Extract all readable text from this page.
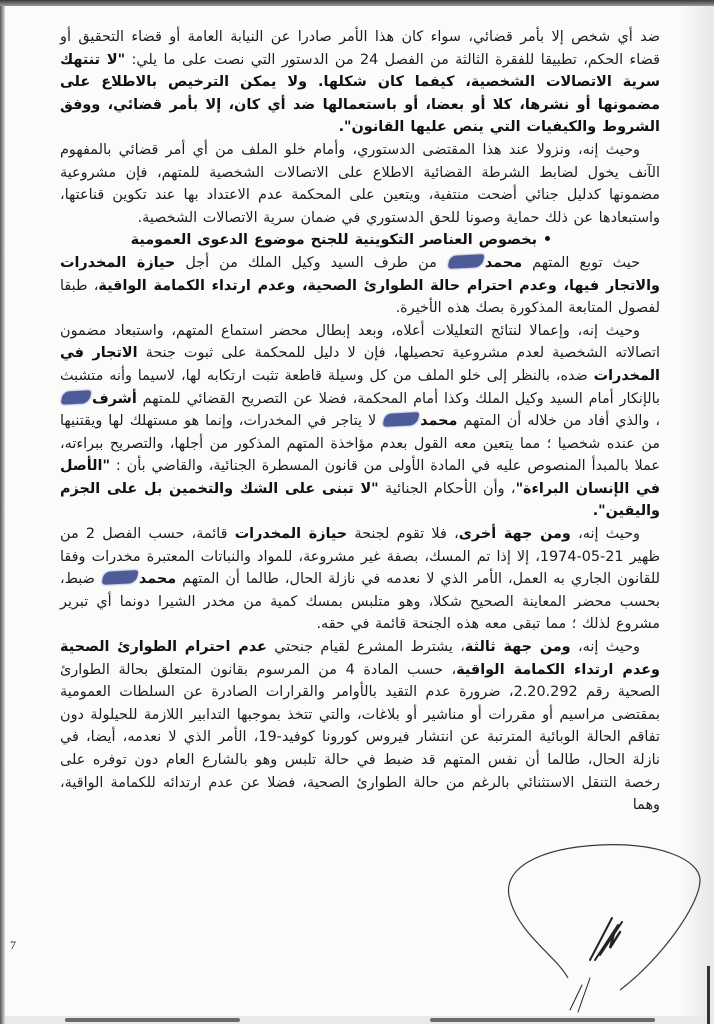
ضد أي شخص إلا بأمر قضائي، سواء كان هذا الأمر صادرا عن النيابة العامة أو قضاء التحقيق أو قضاء الحكم، تطبيقا للفقرة الثالثة من الفصل 24 من الدستور التي نصت على ما يلي: "لا تنتهك سرية الاتصالات الشخصية، كيفما كان شكلها. ولا يمكن الترخيص بالاطلاع على مضمونها أو نشرها، كلا أو بعضا، أو باستعمالها ضد أي كان، إلا بأمر قضائي، ووفق الشروط والكيفيات التي ينص عليها القانون".

وحيث إنه، ونزولا عند هذا المقتضى الدستوري، وأمام خلو الملف من أي أمر قضائي بالمفهوم الآنف يخول لضابط الشرطة القضائية الاطلاع على الاتصالات الشخصية للمتهم، فإن مشروعية مضمونها كدليل جنائي أضحت منتفية، ويتعين على المحكمة عدم الاعتداد بها عند تكوين قناعتها، واستبعادها عن ذلك حماية وصونا للحق الدستوري في ضمان سرية الاتصالات الشخصية.

بخصوص العناصر التكوينية للجنح موضوع الدعوى العمومية

حيث توبع المتهم محمد من طرف السيد وكيل الملك من أجل حيازة المخدرات والاتجار فيها، وعدم احترام حالة الطوارئ الصحية، وعدم ارتداء الكمامة الواقية، طبقا لفصول المتابعة المذكورة بصك هذه الأخيرة.

وحيث إنه، وإعمالا لنتائج التعليلات أعلاه، وبعد إبطال محضر استماع المتهم، واستبعاد مضمون اتصالاته الشخصية لعدم مشروعية تحصيلها، فإن لا دليل للمحكمة على ثبوت جنحة الاتجار في المخدرات ضده، بالنظر إلى خلو الملف من كل وسيلة قاطعة تثبت ارتكابه لها، لاسيما وأنه متشبث بالإنكار أمام السيد وكيل الملك وكذا أمام المحكمة، فضلا عن التصريح القضائي للمتهم أشرف، والذي أفاد من خلاله أن المتهم محمد لا يتاجر في المخدرات، وإنما هو مستهلك لها ويقتنيها من عنده شخصيا ؛ مما يتعين معه القول بعدم مؤاخذة المتهم المذكور من أجلها، والتصريح ببراءته، عملا بالمبدأ المنصوص عليه في المادة الأولى من قانون المسطرة الجنائية، والقاضي بأن : "الأصل في الإنسان البراءة"، وأن الأحكام الجنائية "لا تبنى على الشك والتخمين بل على الجزم واليقين".

وحيث إنه، ومن جهة أخرى، فلا تقوم لجنحة حيازة المخدرات قائمة، حسب الفصل 2 من ظهير 21-05-1974، إلا إذا تم المسك، بصفة غير مشروعة، للمواد والنباتات المعتبرة مخدرات وفقا للقانون الجاري به العمل، الأمر الذي لا نعدمه في نازلة الحال، طالما أن المتهم محمد ضبط، بحسب محضر المعاينة الصحيح شكلا، وهو متلبس بمسك كمية من مخدر الشيرا دونما أي تبرير مشروع لذلك ؛ مما تبقى معه هذه الجنحة قائمة في حقه.

وحيث إنه، ومن جهة ثالثة، يشترط المشرع لقيام جنحتي عدم احترام الطوارئ الصحية وعدم ارتداء الكمامة الواقية، حسب المادة 4 من المرسوم بقانون المتعلق بحالة الطوارئ الصحية رقم 2.20.292، ضرورة عدم التقيد بالأوامر والقرارات الصادرة عن السلطات العمومية بمقتضى مراسيم أو مقررات أو مناشير أو بلاغات، والتي تتخذ بموجبها التدابير اللازمة للحيلولة دون تفاقم الحالة الوبائية المترتبة عن انتشار فيروس كورونا كوفيد-19، الأمر الذي لا نعدمه، أيضا، في نازلة الحال، طالما أن نفس المتهم قد ضبط في حالة تلبس وهو بالشارع العام دون توفره على رخصة التنقل الاستثنائي بالرغم من حالة الطوارئ الصحية، فضلا عن عدم ارتدائه للكمامة الواقية، وهما

7
